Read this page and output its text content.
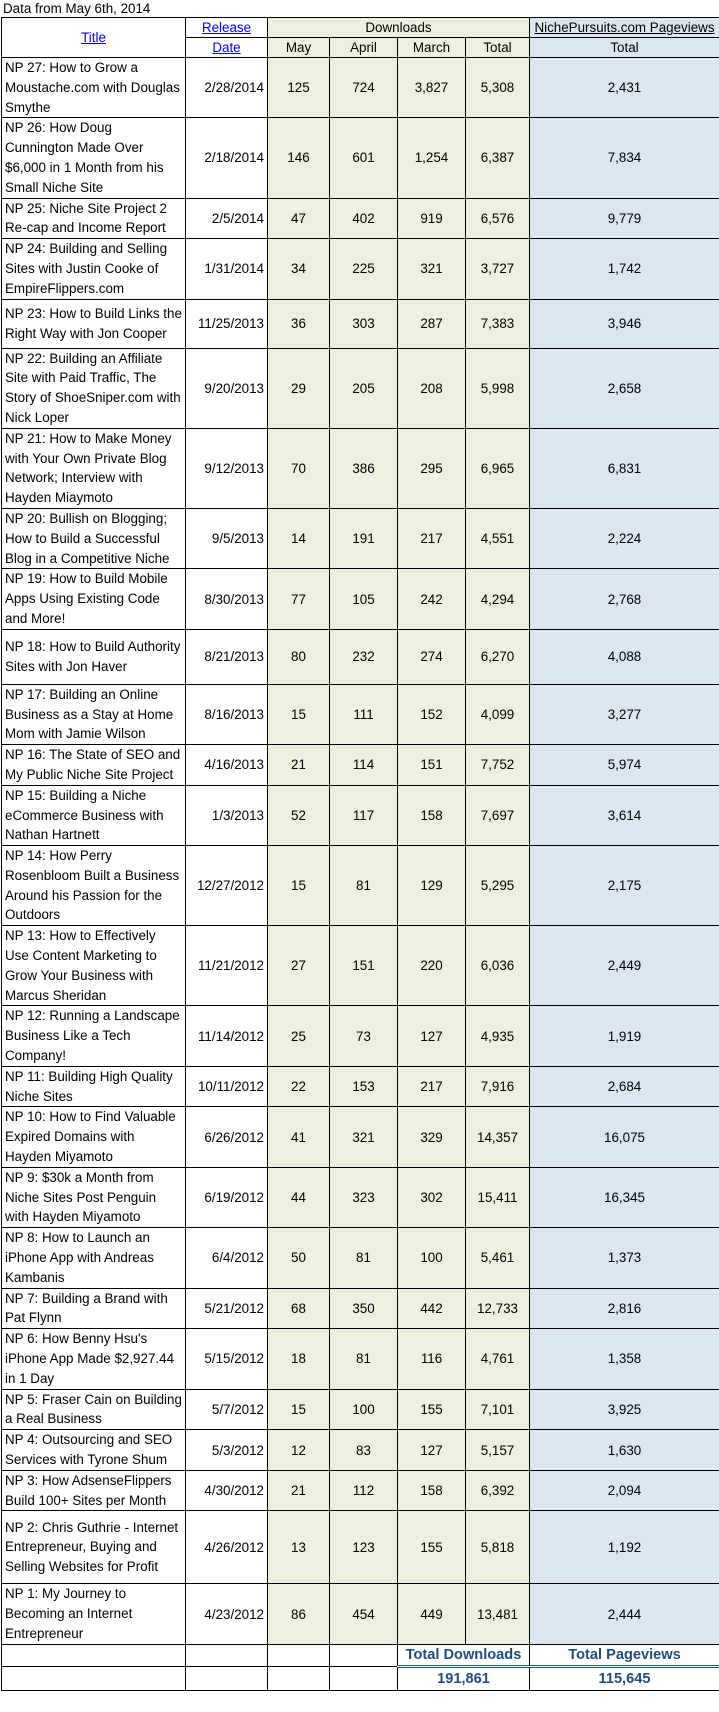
Data from May 6th, 2014
Title	Release	Downloads				NichePursuits.com Pageviews
	Date	May	April	March	Total	Total
NP 27: How to Grow a Moustache.com with Douglas Smythe	2/28/2014	125	724	3,827	5,308	2,431
NP 26: How Doug Cunnington Made Over $6,000 in 1 Month from his Small Niche Site	2/18/2014	146	601	1,254	6,387	7,834
NP 25: Niche Site Project 2 Re-cap and Income Report	2/5/2014	47	402	919	6,576	9,779
NP 24: Building and Selling Sites with Justin Cooke of EmpireFlippers.com	1/31/2014	34	225	321	3,727	1,742
NP 23: How to Build Links the Right Way with Jon Cooper	11/25/2013	36	303	287	7,383	3,946
NP 22: Building an Affiliate Site with Paid Traffic, The Story of ShoeSniper.com with Nick Loper	9/20/2013	29	205	208	5,998	2,658
NP 21: How to Make Money with Your Own Private Blog Network; Interview with Hayden Miaymoto	9/12/2013	70	386	295	6,965	6,831
NP 20: Bullish on Blogging; How to Build a Successful Blog in a Competitive Niche	9/5/2013	14	191	217	4,551	2,224
NP 19: How to Build Mobile Apps Using Existing Code and More!	8/30/2013	77	105	242	4,294	2,768
NP 18: How to Build Authority Sites with Jon Haver	8/21/2013	80	232	274	6,270	4,088
NP 17: Building an Online Business as a Stay at Home Mom with Jamie Wilson	8/16/2013	15	111	152	4,099	3,277
NP 16: The State of SEO and My Public Niche Site Project	4/16/2013	21	114	151	7,752	5,974
NP 15: Building a Niche eCommerce Business with Nathan Hartnett	1/3/2013	52	117	158	7,697	3,614
NP 14: How Perry Rosenbloom Built a Business Around his Passion for the Outdoors	12/27/2012	15	81	129	5,295	2,175
NP 13: How to Effectively Use Content Marketing to Grow Your Business with Marcus Sheridan	11/21/2012	27	151	220	6,036	2,449
NP 12: Running a Landscape Business Like a Tech Company!	11/14/2012	25	73	127	4,935	1,919
NP 11: Building High Quality Niche Sites	10/11/2012	22	153	217	7,916	2,684
NP 10: How to Find Valuable Expired Domains with Hayden Miyamoto	6/26/2012	41	321	329	14,357	16,075
NP 9: $30k a Month from Niche Sites Post Penguin with Hayden Miyamoto	6/19/2012	44	323	302	15,411	16,345
NP 8: How to Launch an iPhone App with Andreas Kambanis	6/4/2012	50	81	100	5,461	1,373
NP 7: Building a Brand with Pat Flynn	5/21/2012	68	350	442	12,733	2,816
NP 6: How Benny Hsu's iPhone App Made $2,927.44 in 1 Day	5/15/2012	18	81	116	4,761	1,358
NP 5: Fraser Cain on Building a Real Business	5/7/2012	15	100	155	7,101	3,925
NP 4: Outsourcing and SEO Services with Tyrone Shum	5/3/2012	12	83	127	5,157	1,630
NP 3: How AdsenseFlippers Build 100+ Sites per Month	4/30/2012	21	112	158	6,392	2,094
NP 2: Chris Guthrie - Internet Entrepreneur, Buying and Selling Websites for Profit	4/26/2012	13	123	155	5,818	1,192
NP 1: My Journey to Becoming an Internet Entrepreneur	4/23/2012	86	454	449	13,481	2,444
				Total Downloads		Total Pageviews
				191,861		115,645
